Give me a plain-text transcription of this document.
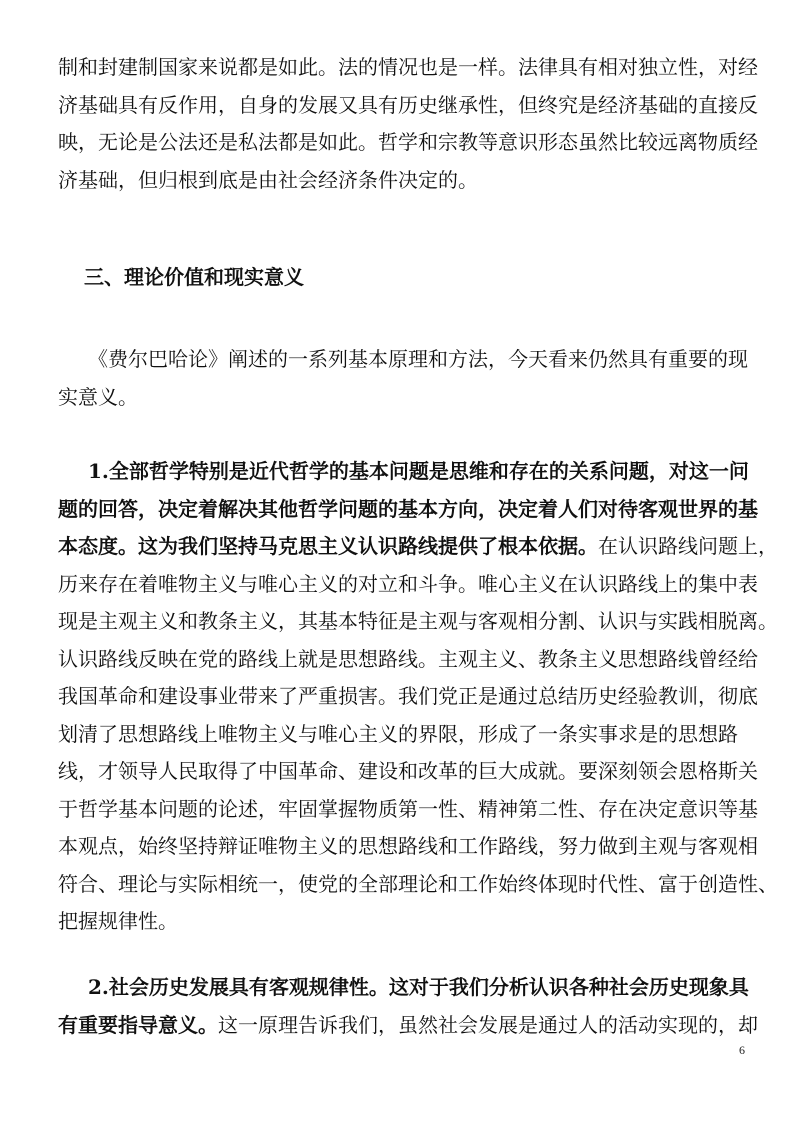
制和封建制国家来说都是如此。法的情况也是一样。法律具有相对独立性，对经
济基础具有反作用，自身的发展又具有历史继承性，但终究是经济基础的直接反
映，无论是公法还是私法都是如此。哲学和宗教等意识形态虽然比较远离物质经
济基础，但归根到底是由社会经济条件决定的。
三、理论价值和现实意义
《费尔巴哈论》阐述的一系列基本原理和方法，今天看来仍然具有重要的现
实意义。
1.全部哲学特别是近代哲学的基本问题是思维和存在的关系问题，对这一问
题的回答，决定着解决其他哲学问题的基本方向，决定着人们对待客观世界的基
本态度。这为我们坚持马克思主义认识路线提供了根本依据。在认识路线问题上，
历来存在着唯物主义与唯心主义的对立和斗争。唯心主义在认识路线上的集中表
现是主观主义和教条主义，其基本特征是主观与客观相分割、认识与实践相脱离。
认识路线反映在党的路线上就是思想路线。主观主义、教条主义思想路线曾经给
我国革命和建设事业带来了严重损害。我们党正是通过总结历史经验教训，彻底
划清了思想路线上唯物主义与唯心主义的界限，形成了一条实事求是的思想路
线，才领导人民取得了中国革命、建设和改革的巨大成就。要深刻领会恩格斯关
于哲学基本问题的论述，牢固掌握物质第一性、精神第二性、存在决定意识等基
本观点，始终坚持辩证唯物主义的思想路线和工作路线，努力做到主观与客观相
符合、理论与实际相统一，使党的全部理论和工作始终体现时代性、富于创造性、
把握规律性。
2.社会历史发展具有客观规律性。这对于我们分析认识各种社会历史现象具
有重要指导意义。这一原理告诉我们，虽然社会发展是通过人的活动实现的，却
6
